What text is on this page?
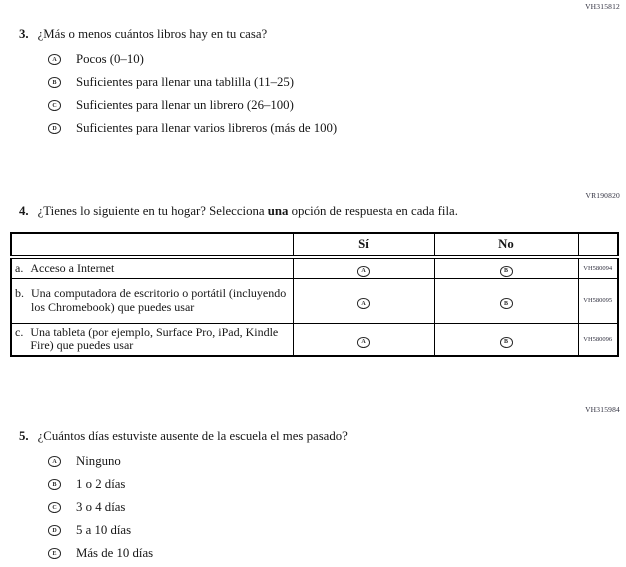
VH315812
3. ¿Más o menos cuántos libros hay en tu casa?
A	Pocos (0–10)
B	Suficientes para llenar una tablilla (11–25)
C	Suficientes para llenar un librero (26–100)
D	Suficientes para llenar varios libreros (más de 100)
VR190820
4. ¿Tienes lo siguiente en tu hogar? Selecciona una opción de respuesta en cada fila.
	Sí	No	

a. Acceso a Internet	A	B	VH580094

b. Una computadora de escritorio o portátil (incluyendo los Chromebook) que puedes usar	A	B	VH580095

c. Una tableta (por ejemplo, Surface Pro, iPad, Kindle Fire) que puedes usar	A	B	VH580096
VH315984
5. ¿Cuántos días estuviste ausente de la escuela el mes pasado?
A	Ninguno
B	1 o 2 días
C	3 o 4 días
D	5 a 10 días
E	Más de 10 días
